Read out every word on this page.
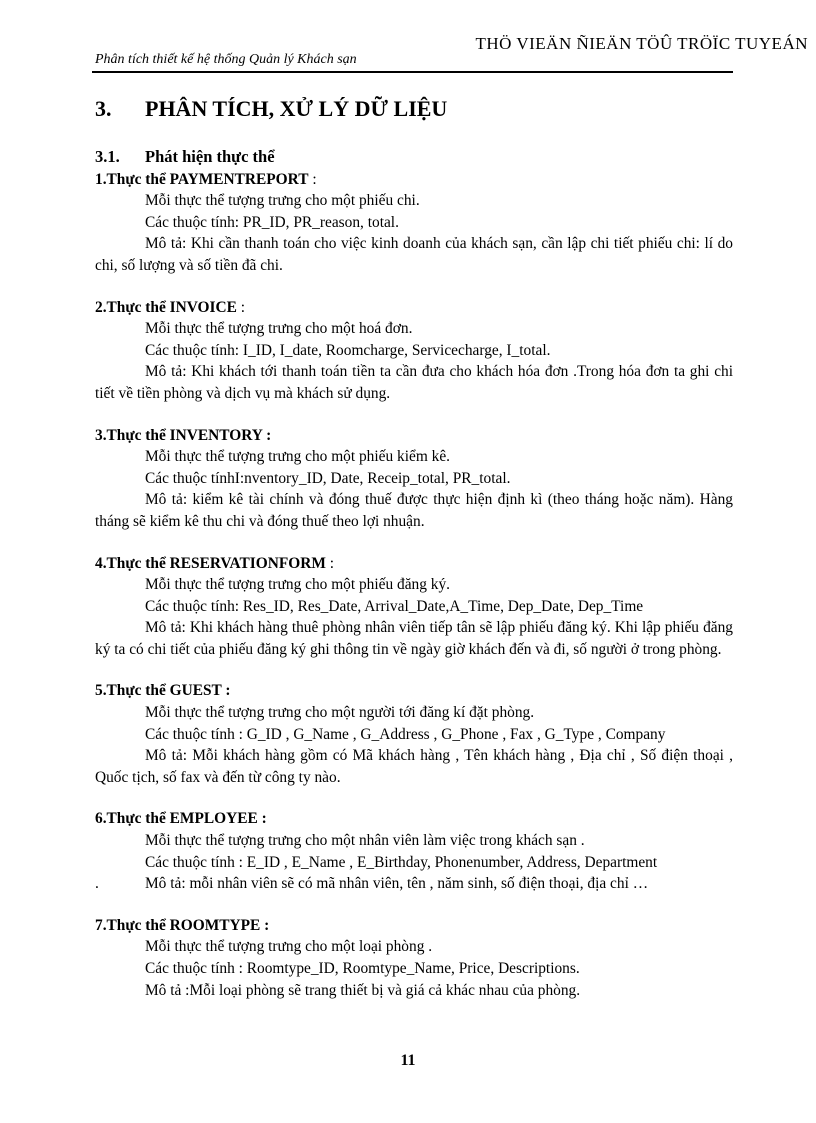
Phân tích thiết kế hệ thống Quản lý Khách sạn
THÖ VIEÄN ÑIEÄN TÖÛ TRÖÏC TUYEÁN
3. PHÂN TÍCH, XỬ LÝ DỮ LIỆU
3.1. Phát hiện thực thể
1.Thực thể PAYMENTREPORT :
Mỗi thực thể tượng trưng cho một phiếu chi.
Các thuộc tính: PR_ID, PR_reason, total.
Mô tả: Khi cần thanh toán cho việc kinh doanh của khách sạn, cần lập chi tiết phiếu chi: lí do chi, số lượng và số tiền đã chi.
2.Thực thể INVOICE :
Mỗi thực thể tượng trưng cho một hoá đơn.
Các thuộc tính: I_ID, I_date, Roomcharge, Servicecharge, I_total.
Mô tả: Khi khách tới thanh toán tiền ta cần đưa cho khách hóa đơn .Trong hóa đơn ta ghi chi tiết về tiền phòng và dịch vụ mà khách sử dụng.
3.Thực thể INVENTORY :
Mỗi thực thể tượng trưng cho một phiếu kiểm kê.
Các thuộc tínhI:nventory_ID, Date, Receip_total, PR_total.
Mô tả: kiểm kê tài chính và đóng thuế được thực hiện định kì (theo tháng hoặc năm). Hàng tháng sẽ kiểm kê thu chi và đóng thuế theo lợi nhuận.
4.Thực thể RESERVATIONFORM :
Mỗi thực thể tượng trưng cho một phiếu đăng ký.
Các thuộc tính: Res_ID, Res_Date, Arrival_Date,A_Time, Dep_Date, Dep_Time
Mô tả: Khi khách hàng thuê phòng nhân viên tiếp tân sẽ lập phiếu đăng ký. Khi lập phiếu đăng ký ta có chi tiết của phiếu đăng ký ghi thông tin về ngày giờ khách đến và đi, số người ở trong phòng.
5.Thực thể GUEST :
Mỗi thực thể tượng trưng cho một người tới đăng kí đặt phòng.
Các thuộc tính : G_ID , G_Name , G_Address , G_Phone , Fax , G_Type , Company
Mô tả: Mỗi khách hàng gồm có Mã khách hàng , Tên khách hàng , Địa chỉ , Số điện thoại , Quốc tịch, số fax và đến từ công ty nào.
6.Thực thể EMPLOYEE :
Mỗi thực thể tượng trưng cho một nhân viên làm việc trong khách sạn .
Các thuộc tính : E_ID , E_Name , E_Birthday, Phonenumber, Address, Department
.	Mô tả: mỗi nhân viên sẽ có mã nhân viên, tên , năm sinh, số điện thoại, địa chỉ …
7.Thực thể ROOMTYPE :
Mỗi thực thể tượng trưng cho một loại phòng .
Các thuộc tính : Roomtype_ID, Roomtype_Name, Price, Descriptions.
Mô tả :Mỗi loại phòng sẽ trang thiết bị và giá cả khác nhau của phòng.
11
